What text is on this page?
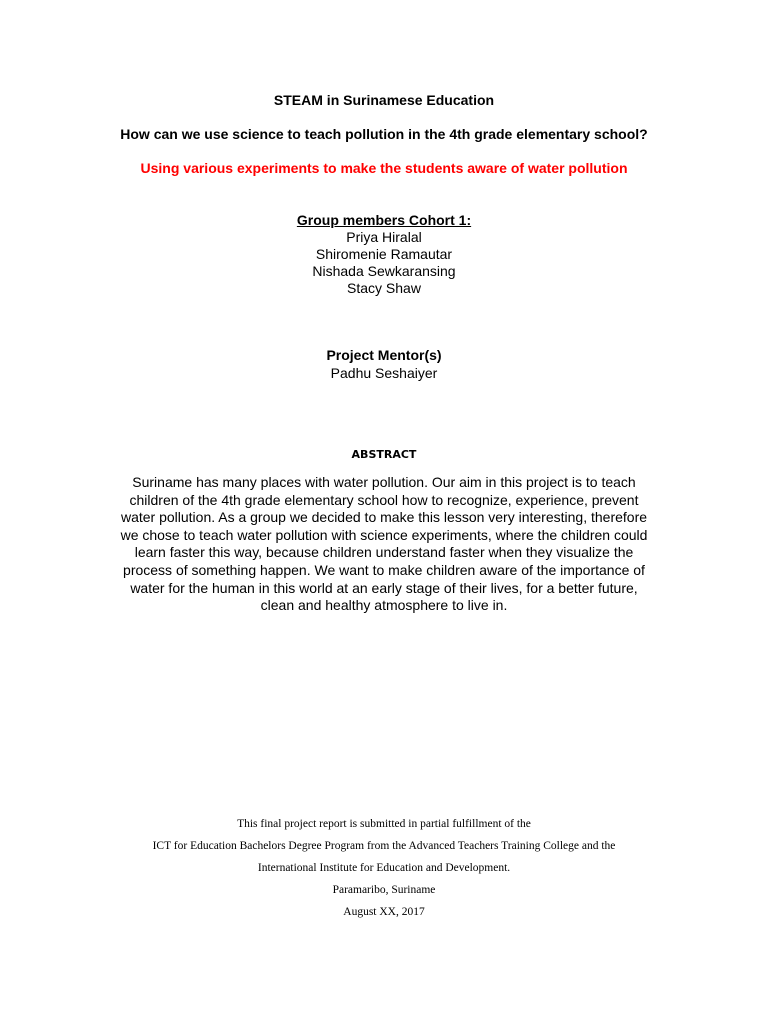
STEAM in Surinamese Education
How can we use science to teach pollution in the 4th grade elementary school?
Using various experiments to make the students aware of water pollution
Group members Cohort 1:
Priya Hiralal
Shiromenie Ramautar
Nishada Sewkaransing
Stacy Shaw
Project Mentor(s)
Padhu Seshaiyer
ABSTRACT
Suriname has many places with water pollution. Our aim in this project is to teach
children of the 4th grade elementary school how to recognize, experience, prevent
water pollution. As a group we decided to make this lesson very interesting, therefore
we chose to teach water pollution with science experiments, where the children could
learn faster this way, because children understand faster when they visualize the
process of something happen. We want to make children aware of the importance of
water for the human in this world at an early stage of their lives, for a better future,
clean and healthy atmosphere to live in.
This final project report is submitted in partial fulfillment of the
ICT for Education Bachelors Degree Program from the Advanced Teachers Training College and the
International Institute for Education and Development.
Paramaribo, Suriname
August XX, 2017
